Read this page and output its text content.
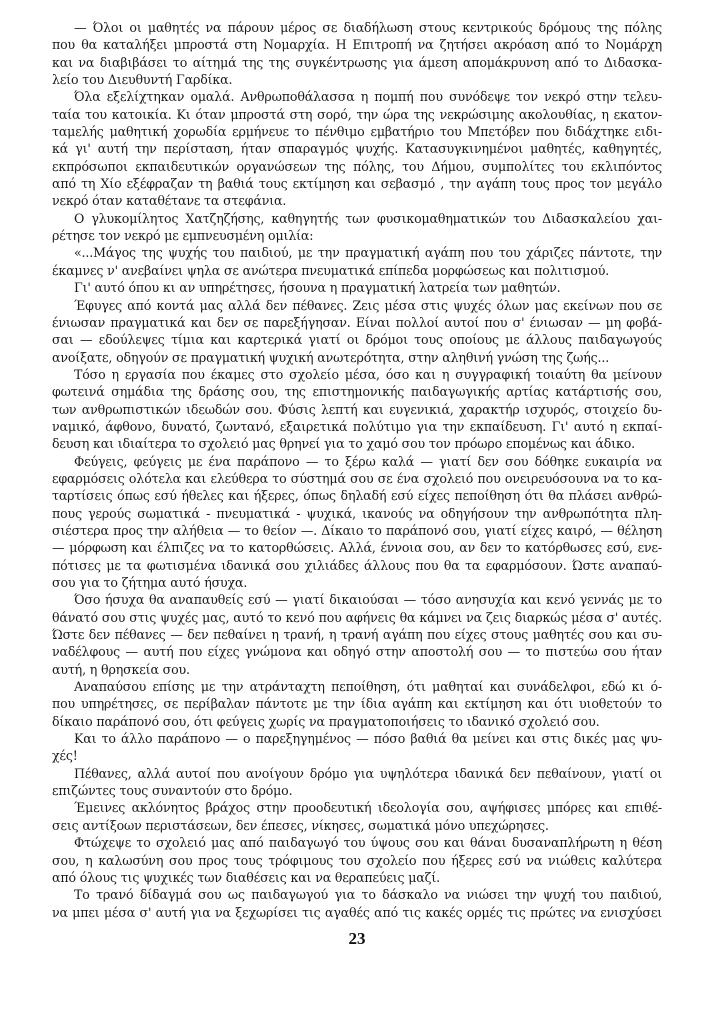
— Όλοι οι μαθητές να πάρουν μέρος σε διαδήλωση στους κεντρικούς δρόμους της πόλης
που θα καταλήξει μπροστά στη Νομαρχία. Η Επιτροπή να ζητήσει ακρόαση από το Νομάρχη
και να διαβιβάσει το αίτημά της της συγκέντρωσης για άμεση απομάκρυνση από το Διδασκα-
λείο του Διευθυντή Γαρδίκα.
Όλα εξελίχτηκαν ομαλά. Ανθρωποθάλασσα η πομπή που συνόδεψε τον νεκρό στην τελευ-
ταία του κατοικία. Κι όταν μπροστά στη σορό, την ώρα της νεκρώσιμης ακολουθίας, η εκατον-
ταμελής μαθητική χορωδία ερμήνευε το πένθιμο εμβατήριο του Μπετόβεν που διδάχτηκε ειδι-
κά γι' αυτή την περίσταση, ήταν σπαραγμός ψυχής. Κατασυγκινημένοι μαθητές, καθηγητές,
εκπρόσωποι εκπαιδευτικών οργανώσεων της πόλης, του Δήμου, συμπολίτες του εκλιπόντος
από τη Χίο εξέφραζαν τη βαθιά τους εκτίμηση και σεβασμό , την αγάπη τους προς τον μεγάλο
νεκρό όταν καταθέτανε τα στεφάνια.
Ο γλυκομίλητος Χατζηζήσης, καθηγητής των φυσικομαθηματικών του Διδασκαλείου χαι-
ρέτησε τον νεκρό με εμπνευσμένη ομιλία:
«...Μάγος της ψυχής του παιδιού, με την πραγματική αγάπη που του χάριζες πάντοτε, την
έκαμνες ν' ανεβαίνει ψηλα σε ανώτερα πνευματικά επίπεδα μορφώσεως και πολιτισμού.
Γι' αυτό όπου κι αν υπηρέτησες, ήσουνα η πραγματική λατρεία των μαθητών.
Έφυγες από κοντά μας αλλά δεν πέθανες. Ζεις μέσα στις ψυχές όλων μας εκείνων που σε
ένιωσαν πραγματικά και δεν σε παρεξήγησαν. Είναι πολλοί αυτοί που σ' ένιωσαν — μη φοβά-
σαι — εδούλεψες τίμια και καρτερικά γιατί οι δρόμοι τους οποίους με άλλους παιδαγωγούς
ανοίξατε, οδηγούν σε πραγματική ψυχική ανωτερότητα, στην αληθινή γνώση της ζωής...
Τόσο η εργασία που έκαμες στο σχολείο μέσα, όσο και η συγγραφική τοιαύτη θα μείνουν
φωτεινά σημάδια της δράσης σου, της επιστημονικής παιδαγωγικής αρτίας κατάρτισής σου,
των ανθρωπιστικών ιδεωδών σου. Φύσις λεπτή και ευγενικιά, χαρακτήρ ισχυρός, στοιχείο δυ-
ναμικό, άφθονο, δυνατό, ζωντανό, εξαιρετικά πολύτιμο για την εκπαίδευση. Γι' αυτό η εκπαί-
δευση και ιδιαίτερα το σχολειό μας θρηνεί για το χαμό σου τον πρόωρο επομένως και άδικο.
Φεύγεις, φεύγεις με ένα παράπονο — το ξέρω καλά — γιατί δεν σου δόθηκε ευκαιρία να
εφαρμόσεις ολότελα και ελεύθερα το σύστημά σου σε ένα σχολειό που ονειρευόσουνα να το κα-
ταρτίσεις όπως εσύ ήθελες και ήξερες, όπως δηλαδή εσύ είχες πεποίθηση ότι θα πλάσει ανθρώ-
πους γερούς σωματικά - πνευματικά - ψυχικά, ικανούς να οδηγήσουν την ανθρωπότητα πλη-
σιέστερα προς την αλήθεια — το θείον —. Δίκαιο το παράπονό σου, γιατί είχες καιρό, — θέληση
— μόρφωση και έλπιζες να το κατορθώσεις. Αλλά, έννοια σου, αν δεν το κατόρθωσες εσύ, ενε-
πότισες με τα φωτισμένα ιδανικά σου χιλιάδες άλλους που θα τα εφαρμόσουν. Ώστε αναπαύ-
σου για το ζήτημα αυτό ήσυχα.
Όσο ήσυχα θα αναπαυθείς εσύ — γιατί δικαιούσαι — τόσο ανησυχία και κενό γεννάς με το
θάνατό σου στις ψυχές μας, αυτό το κενό που αφήνεις θα κάμνει να ζεις διαρκώς μέσα σ' αυτές.
Ώστε δεν πέθανες — δεν πεθαίνει η τρανή, η τρανή αγάπη που είχες στους μαθητές σου και συ-
ναδέλφους — αυτή που είχες γνώμονα και οδηγό στην αποστολή σου — το πιστεύω σου ήταν
αυτή, η θρησκεία σου.
Αναπαύσου επίσης με την ατράνταχτη πεποίθηση, ότι μαθηταί και συνάδελφοι, εδώ κι ό-
που υπηρέτησες, σε περίβαλαν πάντοτε με την ίδια αγάπη και εκτίμηση και ότι υιοθετούν το
δίκαιο παράπονό σου, ότι φεύγεις χωρίς να πραγματοποιήσεις το ιδανικό σχολειό σου.
Και το άλλο παράπονο — ο παρεξηγημένος — πόσο βαθιά θα μείνει και στις δικές μας ψυ-
χές!
Πέθανες, αλλά αυτοί που ανοίγουν δρόμο για υψηλότερα ιδανικά δεν πεθαίνουν, γιατί οι
επιζώντες τους συναντούν στο δρόμο.
Έμεινες ακλόνητος βράχος στην προοδευτική ιδεολογία σου, αψήφισες μπόρες και επιθέ-
σεις αντίξοων περιστάσεων, δεν έπεσες, νίκησες, σωματικά μόνο υπεχώρησες.
Φτώχεψε το σχολειό μας από παιδαγωγό του ύψους σου και θάναι δυσαναπλήρωτη η θέση
σου, η καλωσύνη σου προς τους τρόφιμους του σχολείο που ήξερες εσύ να νιώθεις καλύτερα
από όλους τις ψυχικές των διαθέσεις και να θεραπεύεις μαζί.
Το τρανό δίδαγμά σου ως παιδαγωγού για το δάσκαλο να νιώσει την ψυχή του παιδιού,
να μπει μέσα σ' αυτή για να ξεχωρίσει τις αγαθές από τις κακές ορμές τις πρώτες να ενισχύσει
23
